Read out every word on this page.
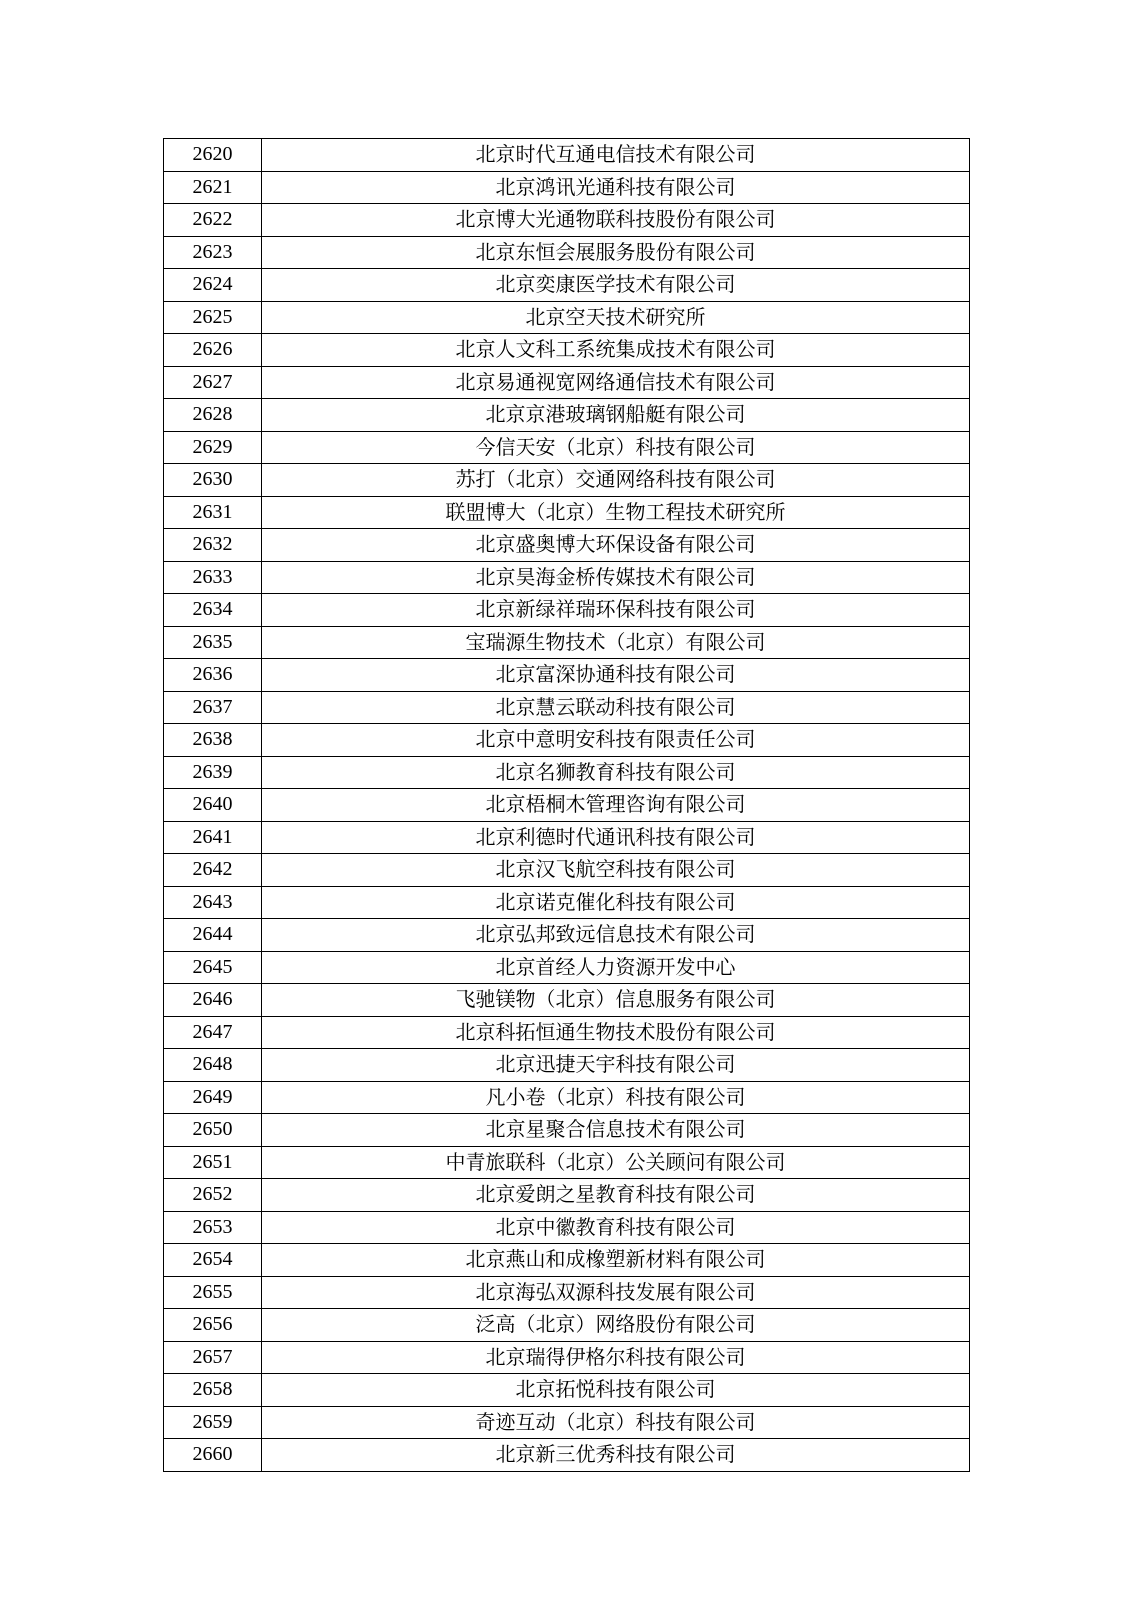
2620	北京时代互通电信技术有限公司
2621	北京鸿讯光通科技有限公司
2622	北京博大光通物联科技股份有限公司
2623	北京东恒会展服务股份有限公司
2624	北京奕康医学技术有限公司
2625	北京空天技术研究所
2626	北京人文科工系统集成技术有限公司
2627	北京易通视宽网络通信技术有限公司
2628	北京京港玻璃钢船艇有限公司
2629	今信天安（北京）科技有限公司
2630	苏打（北京）交通网络科技有限公司
2631	联盟博大（北京）生物工程技术研究所
2632	北京盛奥博大环保设备有限公司
2633	北京昊海金桥传媒技术有限公司
2634	北京新绿祥瑞环保科技有限公司
2635	宝瑞源生物技术（北京）有限公司
2636	北京富深协通科技有限公司
2637	北京慧云联动科技有限公司
2638	北京中意明安科技有限责任公司
2639	北京名狮教育科技有限公司
2640	北京梧桐木管理咨询有限公司
2641	北京利德时代通讯科技有限公司
2642	北京汉飞航空科技有限公司
2643	北京诺克催化科技有限公司
2644	北京弘邦致远信息技术有限公司
2645	北京首经人力资源开发中心
2646	飞驰镁物（北京）信息服务有限公司
2647	北京科拓恒通生物技术股份有限公司
2648	北京迅捷天宇科技有限公司
2649	凡小卷（北京）科技有限公司
2650	北京星聚合信息技术有限公司
2651	中青旅联科（北京）公关顾问有限公司
2652	北京爱朗之星教育科技有限公司
2653	北京中徽教育科技有限公司
2654	北京燕山和成橡塑新材料有限公司
2655	北京海弘双源科技发展有限公司
2656	泛高（北京）网络股份有限公司
2657	北京瑞得伊格尔科技有限公司
2658	北京拓悦科技有限公司
2659	奇迹互动（北京）科技有限公司
2660	北京新三优秀科技有限公司
